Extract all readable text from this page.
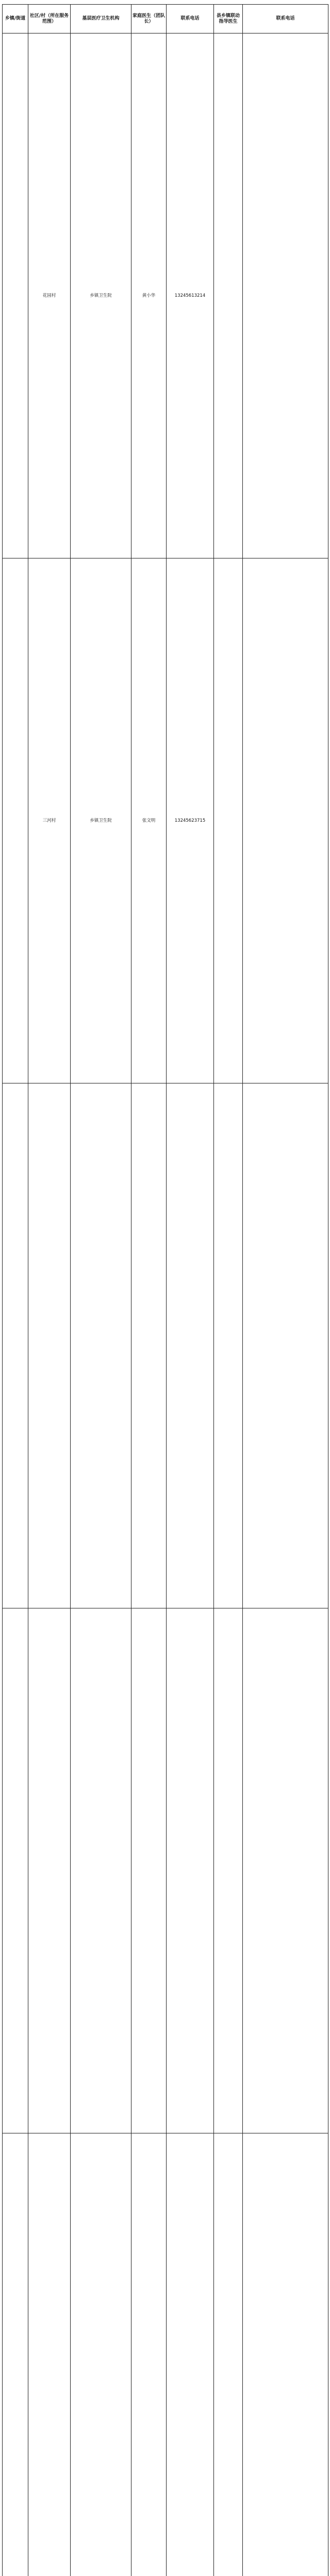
乡镇/街道	社区/村（所在服务范围）	基层医疗卫生机构	家庭医生（团队长）	联系电话	县乡镇联动指导医生	联系电话
	花园村	乡镇卫生院	黄小华	13245613214		
	三河村	乡镇卫生院	张文明	13245623715		
